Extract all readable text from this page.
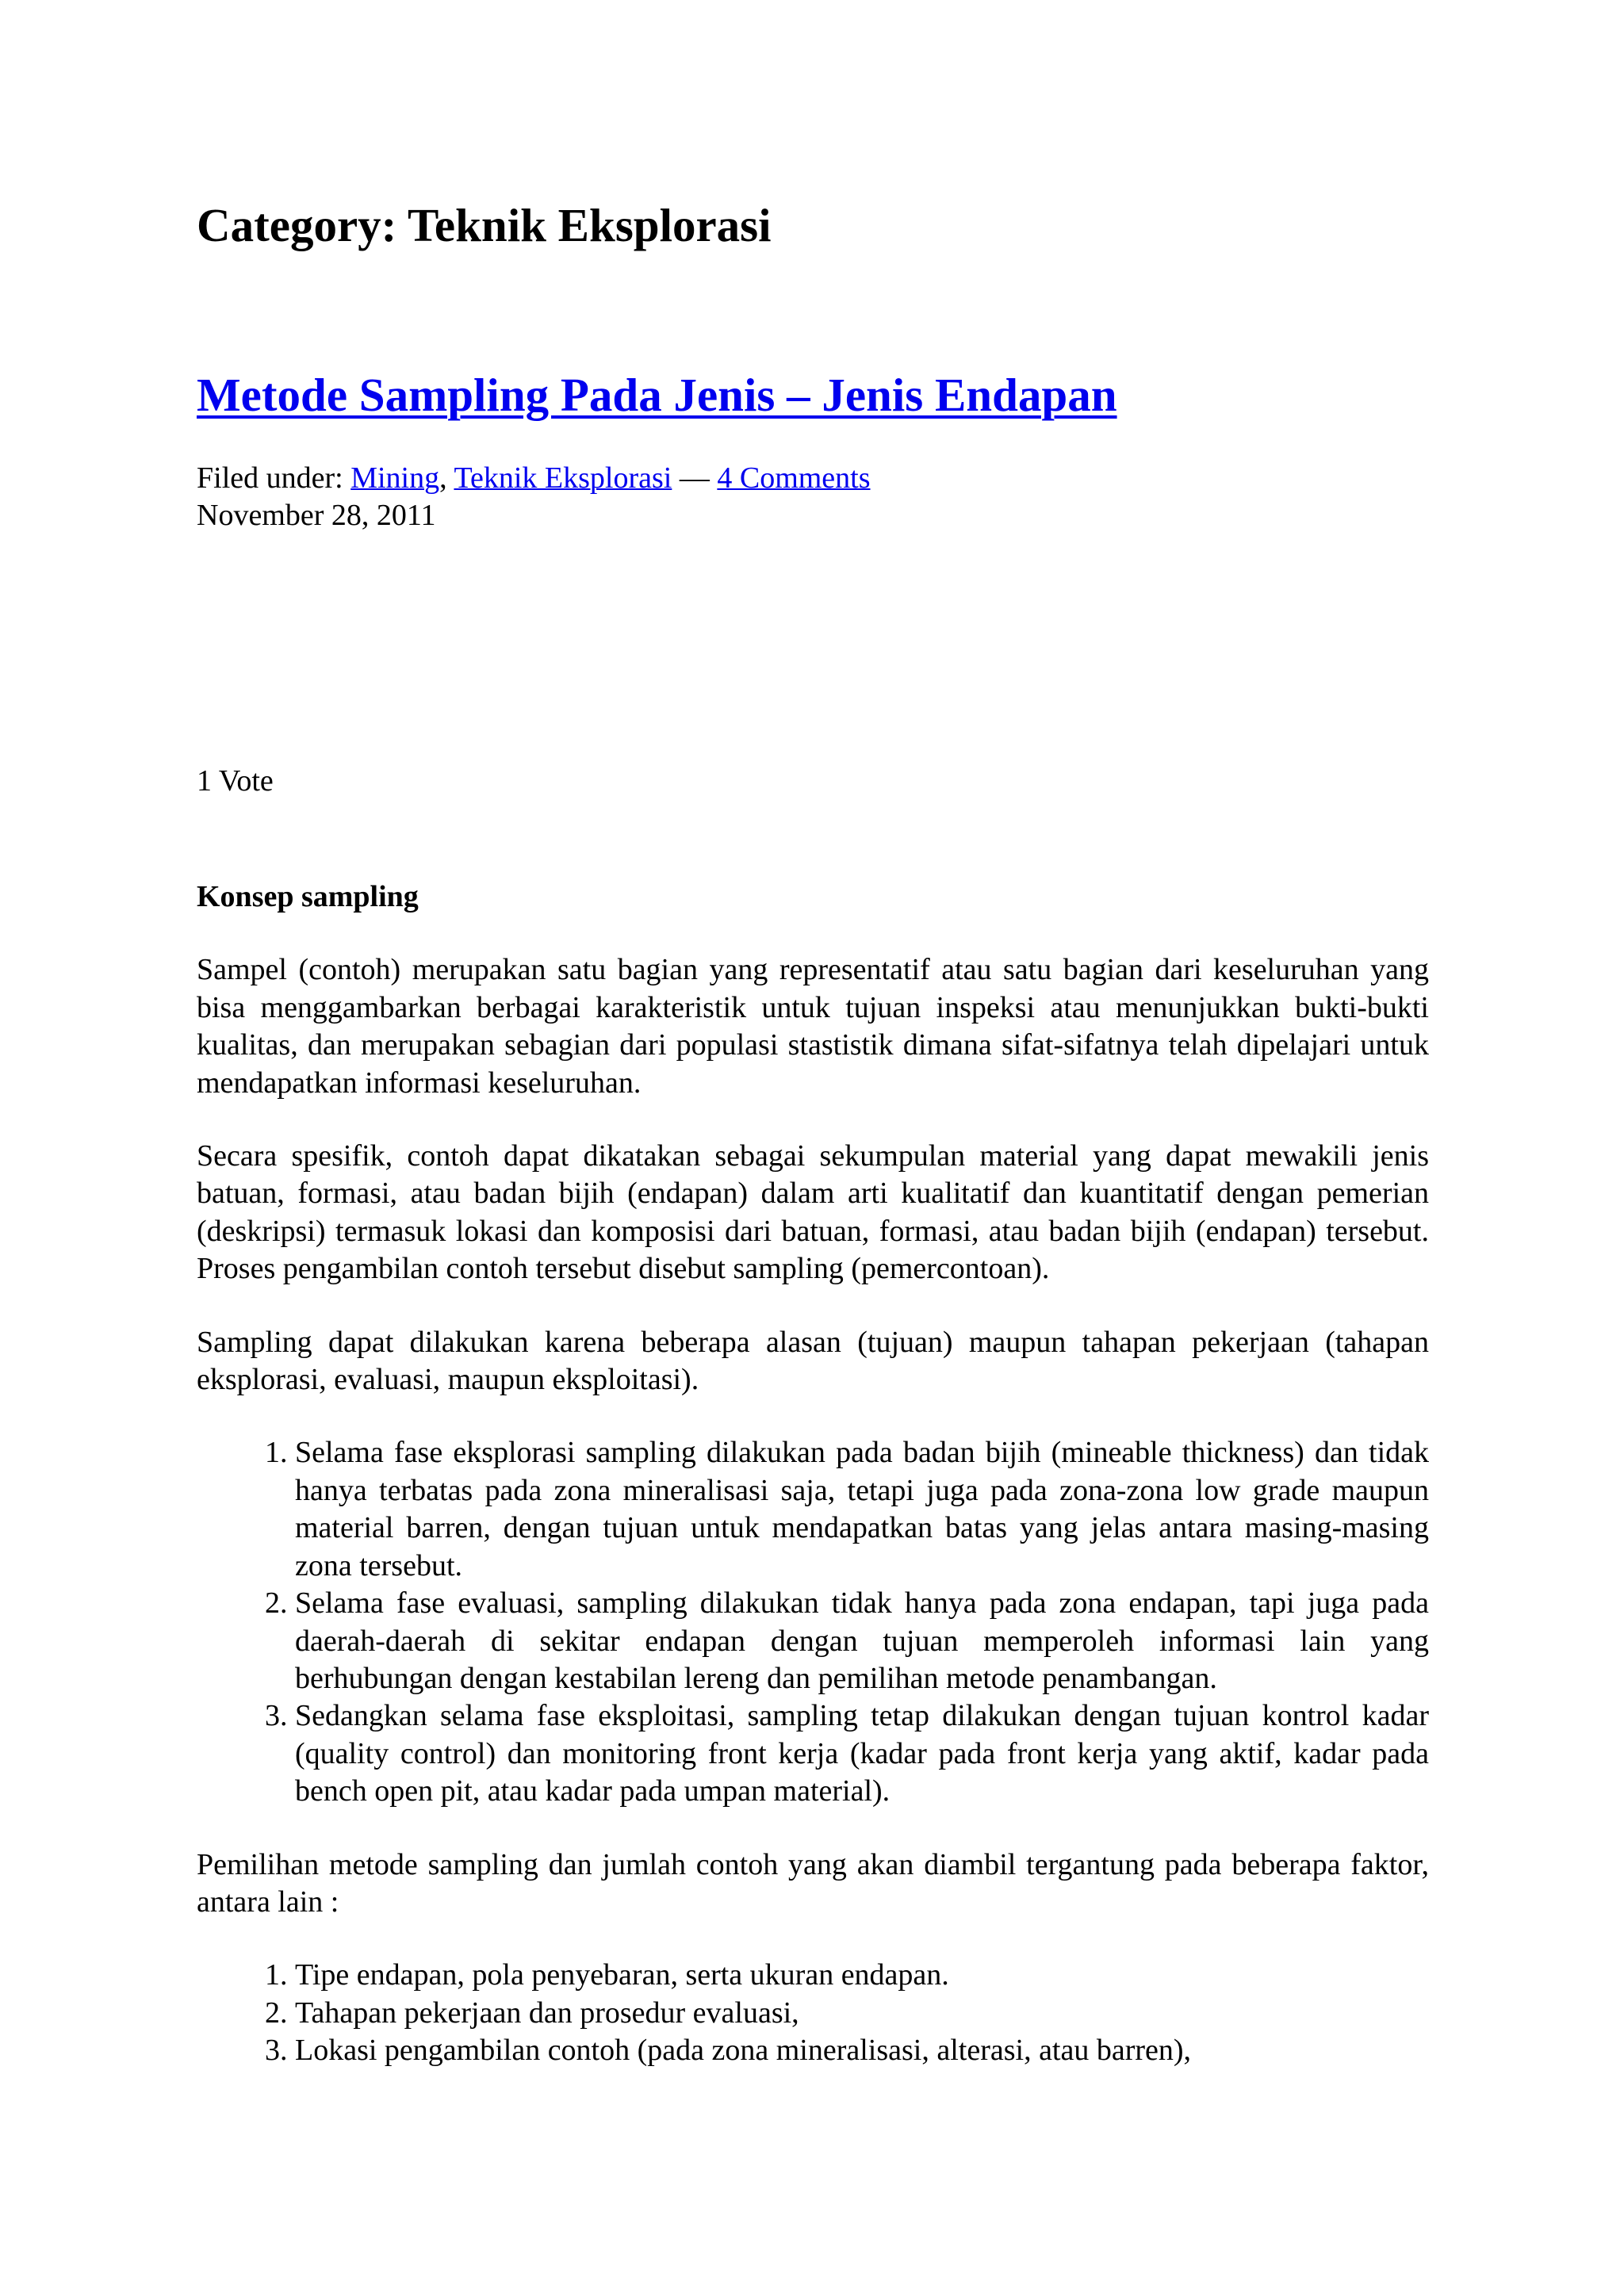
Category: Teknik Eksplorasi
Metode Sampling Pada Jenis – Jenis Endapan
Filed under: Mining, Teknik Eksplorasi — 4 Comments
November 28, 2011
1 Vote

Konsep sampling

Sampel (contoh) merupakan satu bagian yang representatif atau satu bagian dari keseluruhan yang bisa menggambarkan berbagai karakteristik untuk tujuan inspeksi atau menunjukkan bukti-bukti kualitas, dan merupakan sebagian dari populasi stastistik dimana sifat-sifatnya telah dipelajari untuk mendapatkan informasi keseluruhan.

Secara spesifik, contoh dapat dikatakan sebagai sekumpulan material yang dapat mewakili jenis batuan, formasi, atau badan bijih (endapan) dalam arti kualitatif dan kuantitatif dengan pemerian (deskripsi) termasuk lokasi dan komposisi dari batuan, formasi, atau badan bijih (endapan) tersebut. Proses pengambilan contoh tersebut disebut sampling (pemercontoan).

Sampling dapat dilakukan karena beberapa alasan (tujuan) maupun tahapan pekerjaan (tahapan eksplorasi, evaluasi, maupun eksploitasi).

1. Selama fase eksplorasi sampling dilakukan pada badan bijih (mineable thickness) dan tidak hanya terbatas pada zona mineralisasi saja, tetapi juga pada zona-zona low grade maupun material barren, dengan tujuan untuk mendapatkan batas yang jelas antara masing-masing zona tersebut.
2. Selama fase evaluasi, sampling dilakukan tidak hanya pada zona endapan, tapi juga pada daerah-daerah di sekitar endapan dengan tujuan memperoleh informasi lain yang berhubungan dengan kestabilan lereng dan pemilihan metode penambangan.
3. Sedangkan selama fase eksploitasi, sampling tetap dilakukan dengan tujuan kontrol kadar (quality control) dan monitoring front kerja (kadar pada front kerja yang aktif, kadar pada bench open pit, atau kadar pada umpan material).

Pemilihan metode sampling dan jumlah contoh yang akan diambil tergantung pada beberapa faktor, antara lain :

1. Tipe endapan, pola penyebaran, serta ukuran endapan.
2. Tahapan pekerjaan dan prosedur evaluasi,
3. Lokasi pengambilan contoh (pada zona mineralisasi, alterasi, atau barren),
